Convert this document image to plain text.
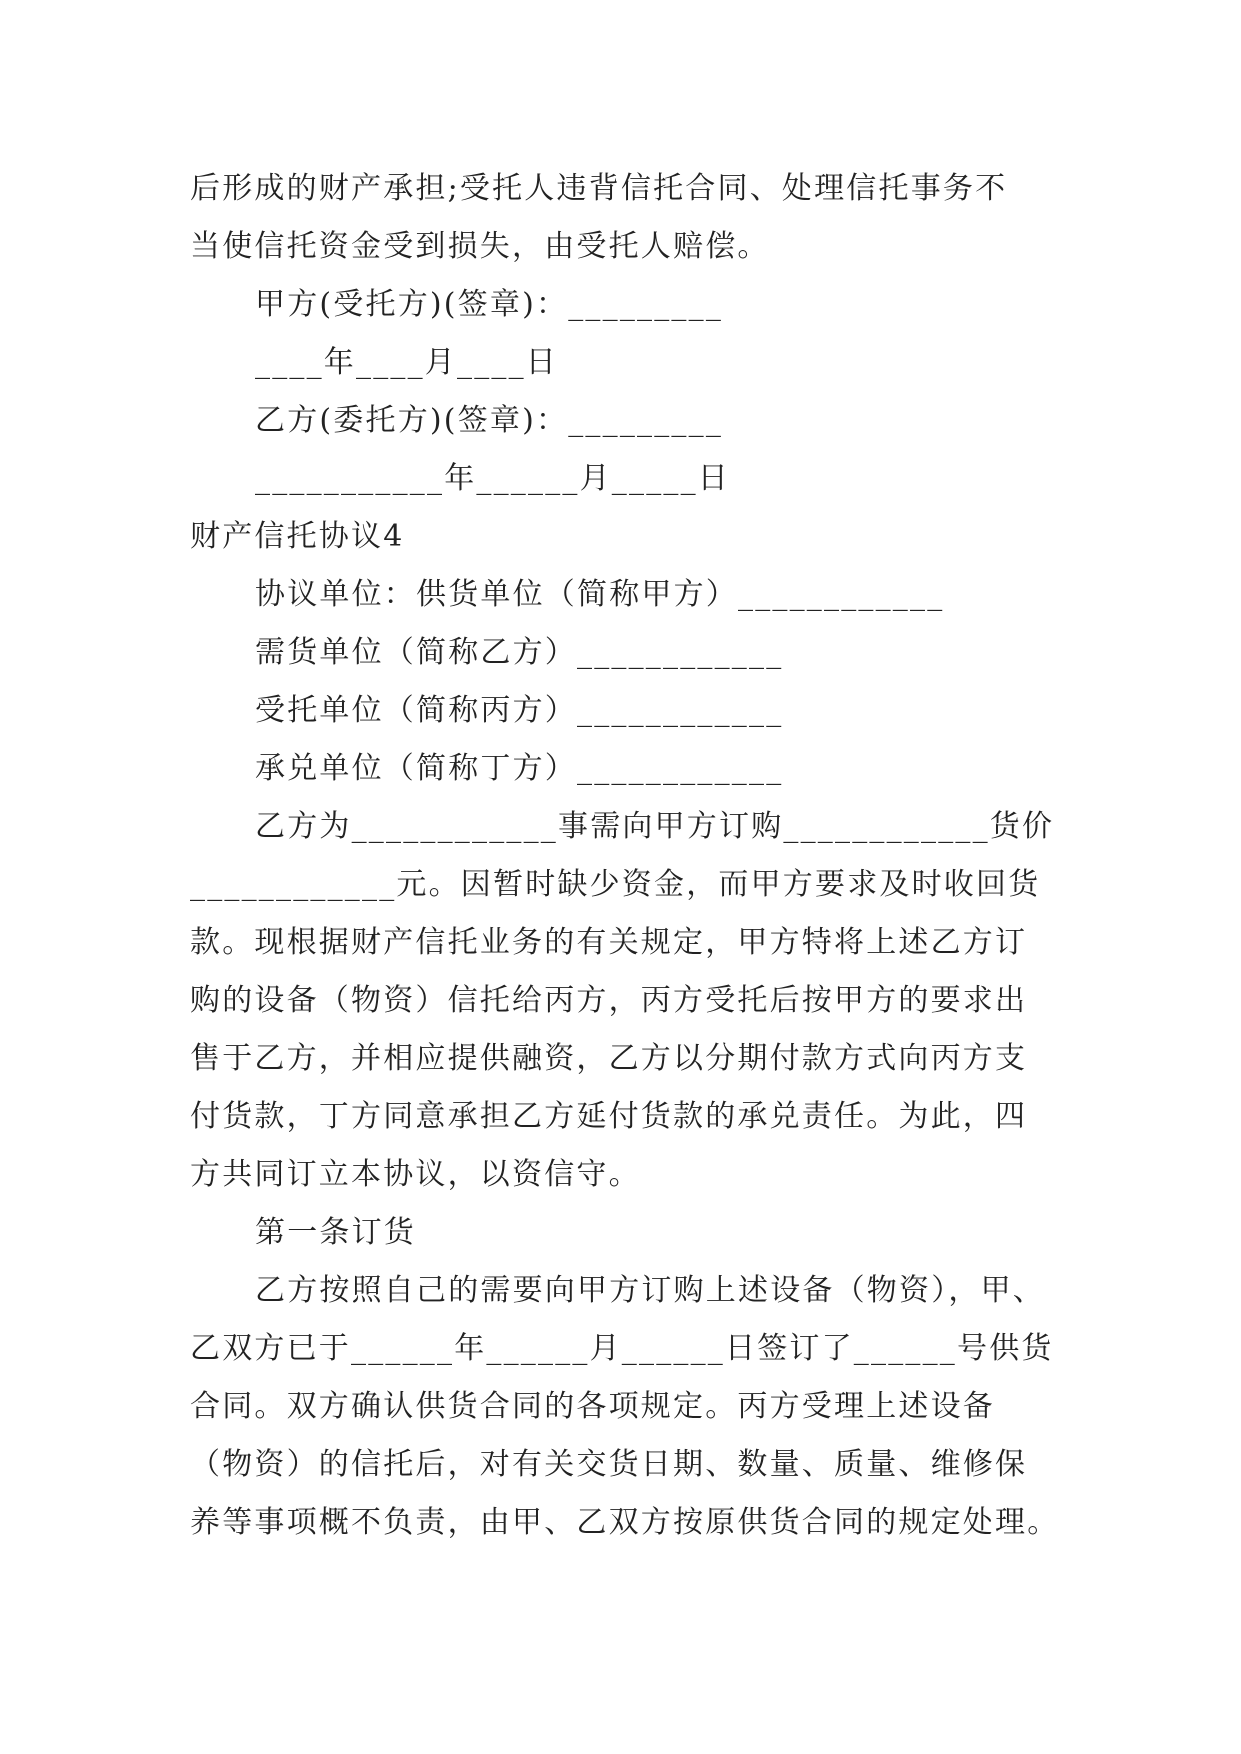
后形成的财产承担;受托人违背信托合同、处理信托事务不
当使信托资金受到损失，由受托人赔偿。
甲方(受托方)(签章)：_________
____年____月____日
乙方(委托方)(签章)：_________
___________年______月_____日
财产信托协议4
协议单位：供货单位（简称甲方）____________
需货单位（简称乙方）____________
受托单位（简称丙方）____________
承兑单位（简称丁方）____________
乙方为____________事需向甲方订购____________货价
____________元。因暂时缺少资金，而甲方要求及时收回货
款。现根据财产信托业务的有关规定，甲方特将上述乙方订
购的设备（物资）信托给丙方，丙方受托后按甲方的要求出
售于乙方，并相应提供融资，乙方以分期付款方式向丙方支
付货款，丁方同意承担乙方延付货款的承兑责任。为此，四
方共同订立本协议，以资信守。
第一条订货
乙方按照自己的需要向甲方订购上述设备（物资），甲、
乙双方已于______年______月______日签订了______号供货
合同。双方确认供货合同的各项规定。丙方受理上述设备
（物资）的信托后，对有关交货日期、数量、质量、维修保
养等事项概不负责，由甲、乙双方按原供货合同的规定处理。
